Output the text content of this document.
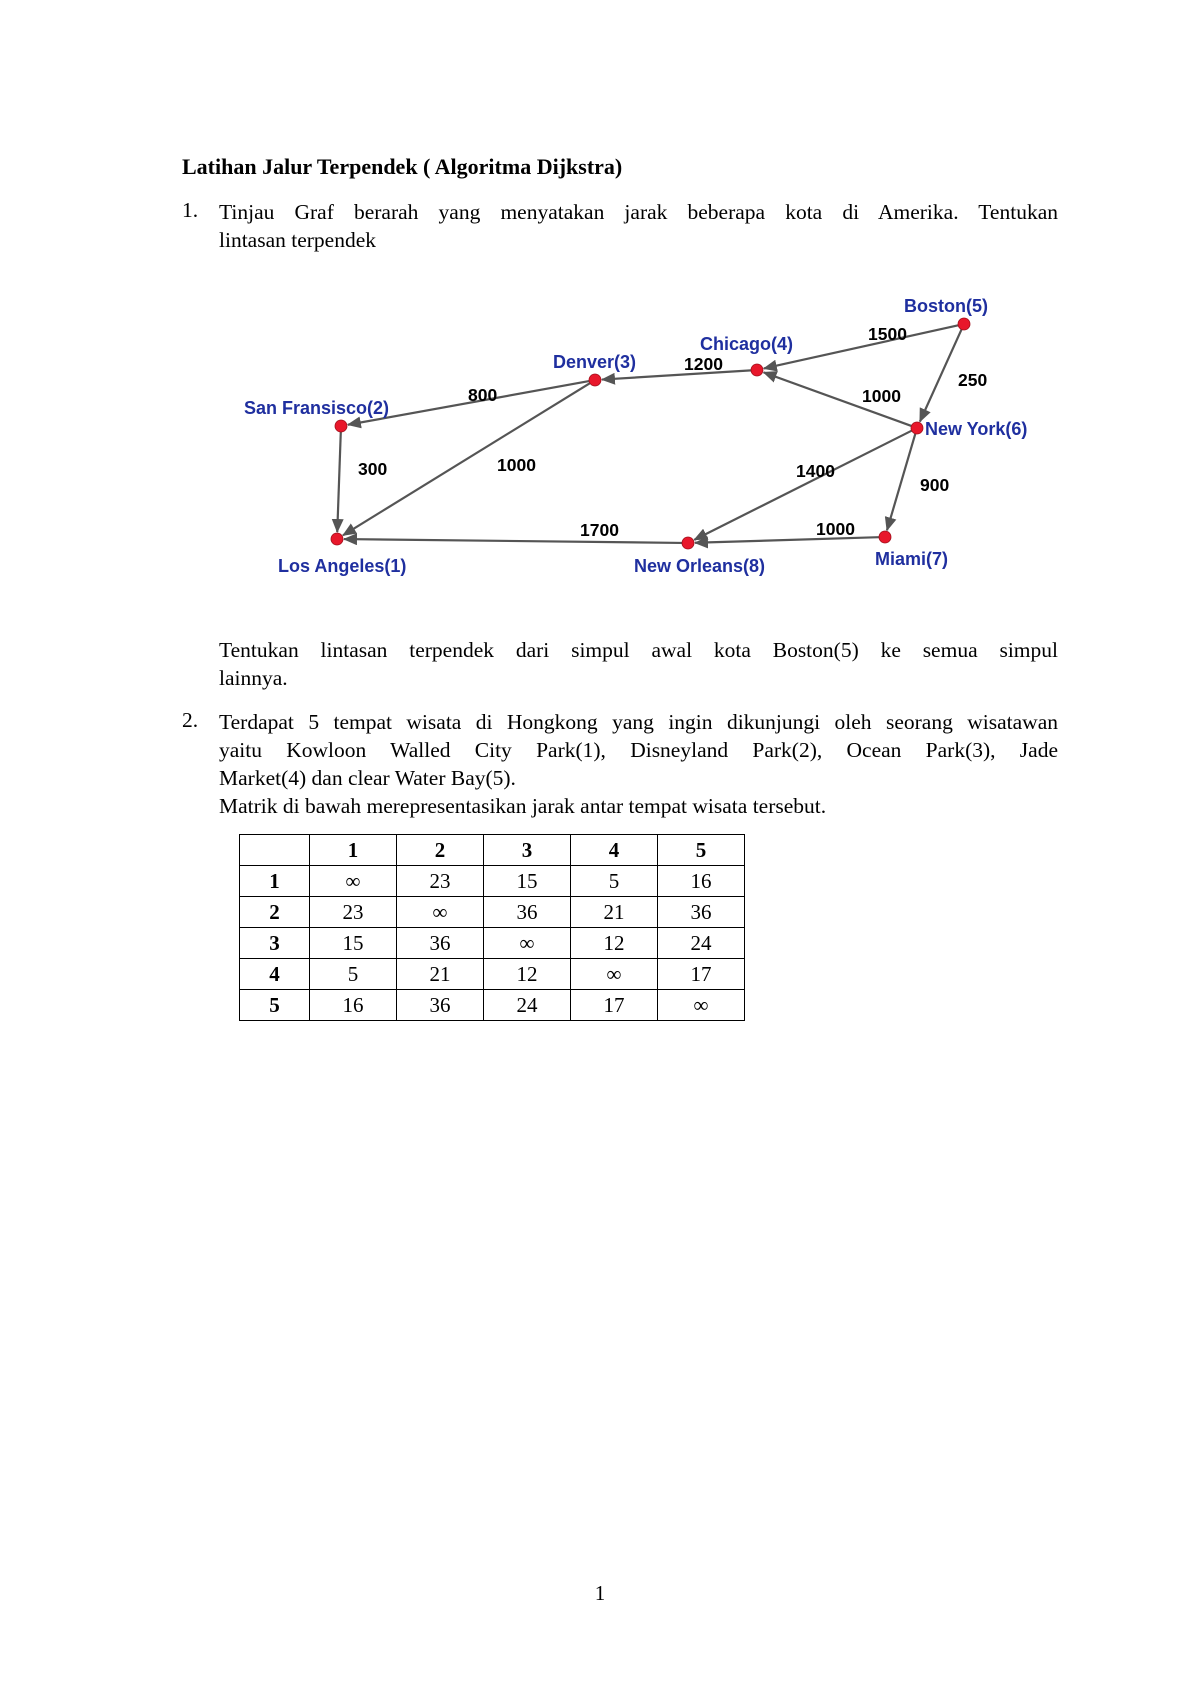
Latihan Jalur Terpendek ( Algoritma Dijkstra)
1. Tinjau Graf berarah yang menyatakan jarak beberapa kota di Amerika. Tentukan
lintasan terpendek
1500
250
1200
1000
800
1000
300	1400
900
1700	1000
Boston(5)
Chicago(4)
Denver(3)
San Fransisco(2)
New York(6)
Los Angeles(1)	New Orleans(8)	Miami(7)
Tentukan lintasan terpendek dari simpul awal kota Boston(5) ke semua simpul
lainnya.
2. Terdapat 5 tempat wisata di Hongkong yang ingin dikunjungi oleh seorang wisatawan
yaitu Kowloon Walled City Park(1), Disneyland Park(2), Ocean Park(3), Jade
Market(4) dan clear Water Bay(5).
Matrik di bawah merepresentasikan jarak antar tempat wisata tersebut.
	1	2	3	4	5
1	∞	23	15	5	16
2	23	∞	36	21	36
3	15	36	∞	12	24
4	5	21	12	∞	17
5	16	36	24	17	∞
1
